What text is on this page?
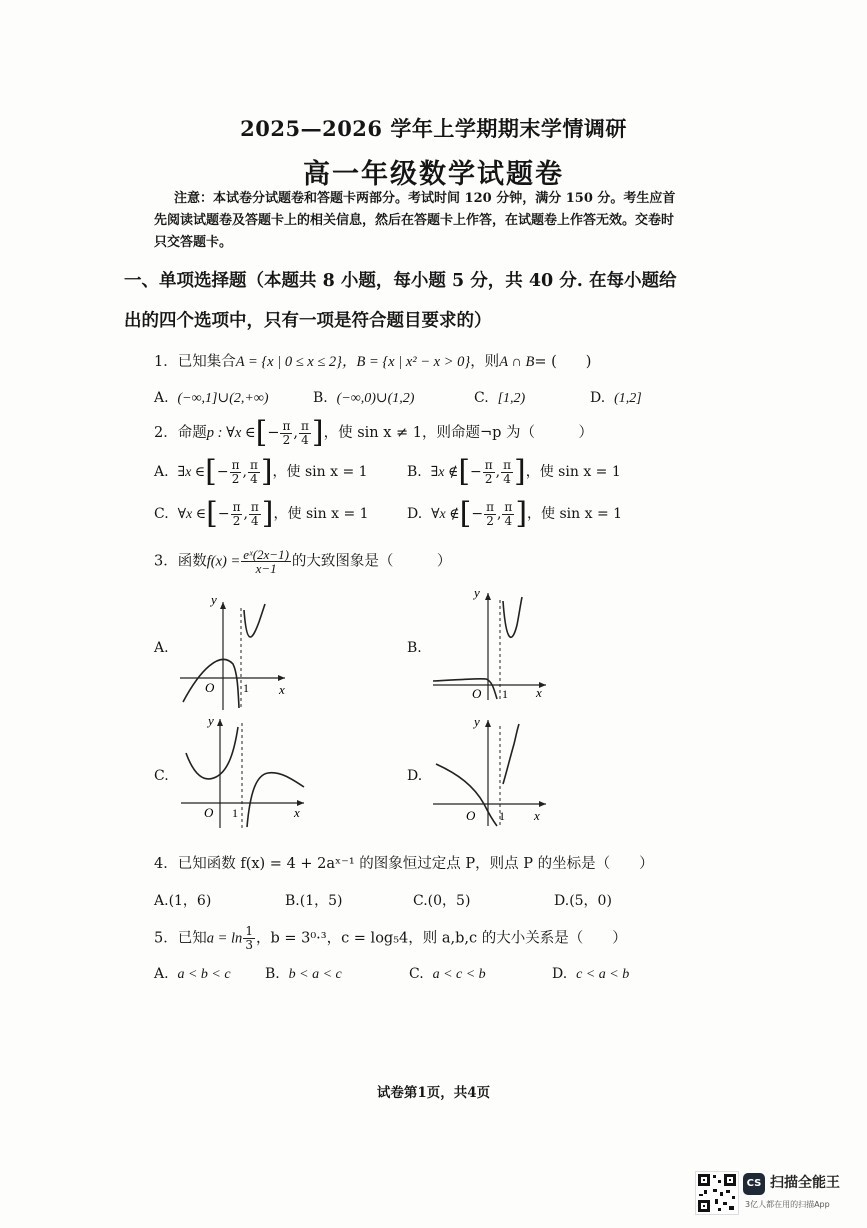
2025—2026 学年上学期期末学情调研
高一年级数学试题卷
注意：本试卷分试题卷和答题卡两部分。考试时间 120 分钟，满分 150 分。考生应首
先阅读试题卷及答题卡上的相关信息，然后在答题卡上作答，在试题卷上作答无效。交卷时
只交答题卡。
一、单项选择题（本题共 8 小题，每小题 5 分，共 40 分. 在每小题给
出的四个选项中，只有一项是符合题目要求的）
1．已知集合A = {x | 0 ≤ x ≤ 2}，B = {x | x² − x > 0}，则A ∩ B= (　　)
A. (−∞,1]∪(2,+∞)	B. (−∞,0)∪(1,2)	C. [1,2)	D. (1,2]
2．命题p : ∀x ∈[− $\frac{\pi}{2}$ , $\frac{\pi}{4}$ ]，使 sin x ≠ 1，则命题¬p 为（　　　）
A. ∃x ∈[− $\frac{\pi}{2}$ , $\frac{\pi}{4}$ ]，使 sin x = 1	B. ∃x ∉[− $\frac{\pi}{2}$ , $\frac{\pi}{4}$ ]，使 sin x = 1
C. ∀x ∈[− $\frac{\pi}{2}$ , $\frac{\pi}{4}$ ]，使 sin x = 1	D. ∀x ∉[− $\frac{\pi}{2}$ , $\frac{\pi}{4}$ ]，使 sin x = 1
3．函数$f(x) = \frac{\text{eˣ(2x−1)}}{x-1}$ 的大致图象是（　　　）
A.
x
y
O 1
B.
x
y
O 1
C.
x
y
O 1
D.
x
y
O 1
4．已知函数 f(x) = 4 + 2aˣ⁻¹ 的图象恒过定点 P，则点 P 的坐标是（　　）
A.(1，6)	B.(1，5)	C.(0，5)	D.(5，0)
5．已知$a = \ln \frac{1}{3}$ ，b = 3⁰·³，c = log₅4，则 a,b,c 的大小关系是（　　）
A. a < b < c B. b < a < c	C. a < c < b	D. c < a < b
试卷第1页，共4页
CS 扫描全能王
3亿人都在用的扫描App
